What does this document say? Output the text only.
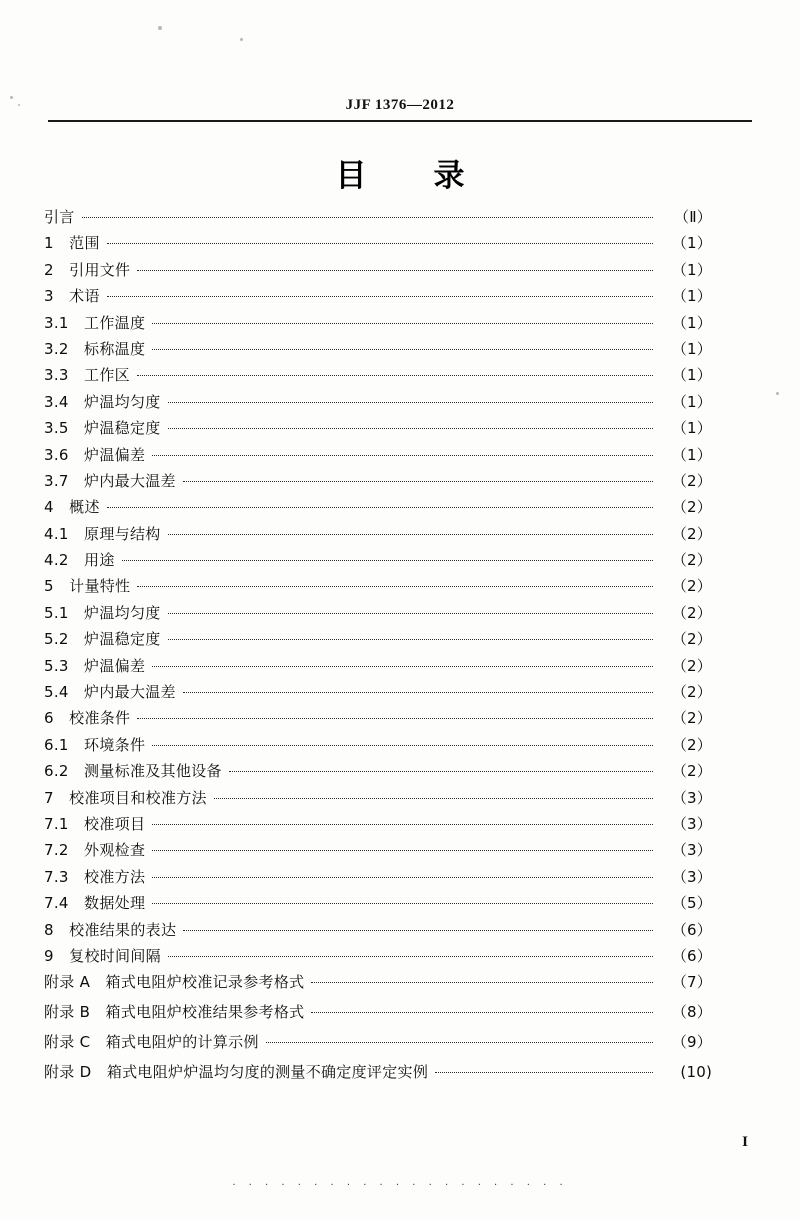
JJF 1376—2012
目　录
引言	（Ⅱ）
1　范围	（1）
2　引用文件	（1）
3　术语	（1）
3.1　工作温度	（1）
3.2　标称温度	（1）
3.3　工作区	（1）
3.4　炉温均匀度	（1）
3.5　炉温稳定度	（1）
3.6　炉温偏差	（1）
3.7　炉内最大温差	（2）
4　概述	（2）
4.1　原理与结构	（2）
4.2　用途	（2）
5　计量特性	（2）
5.1　炉温均匀度	（2）
5.2　炉温稳定度	（2）
5.3　炉温偏差	（2）
5.4　炉内最大温差	（2）
6　校准条件	（2）
6.1　环境条件	（2）
6.2　测量标准及其他设备	（2）
7　校准项目和校准方法	（3）
7.1　校准项目	（3）
7.2　外观检查	（3）
7.3　校准方法	（3）
7.4　数据处理	（5）
8　校准结果的表达	（6）
9　复校时间间隔	（6）
附录 A　箱式电阻炉校准记录参考格式	（7）
附录 B　箱式电阻炉校准结果参考格式	（8）
附录 C　箱式电阻炉的计算示例	（9）
附录 D　箱式电阻炉炉温均匀度的测量不确定度评定实例	(10)
I
· · · · · · · · · · · · · · · · · · · · ·
